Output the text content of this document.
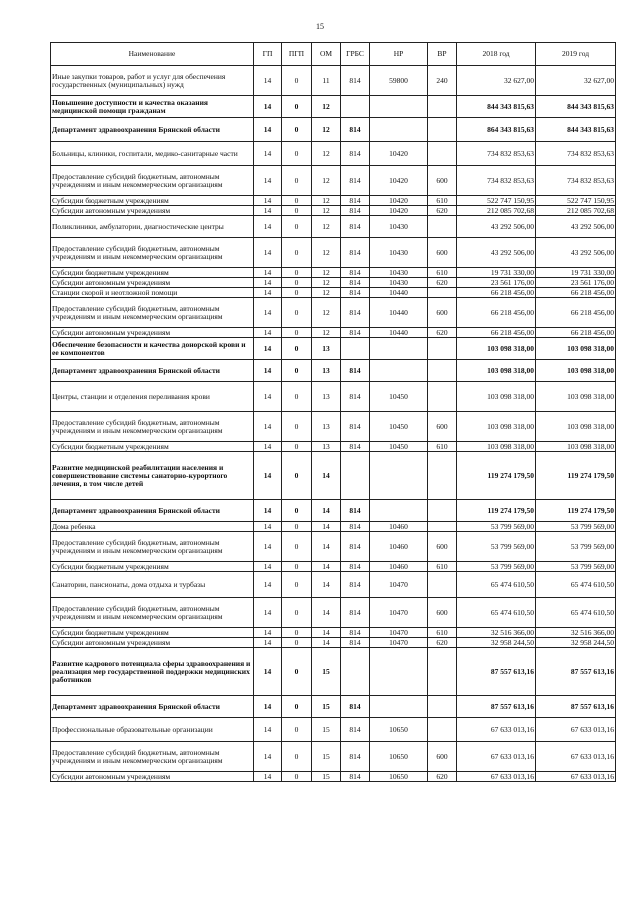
15
Наименование	ГП	ПГП	ОМ	ГРБС	НР	ВР	2018 год	2019 год
Иные закупки товаров, работ и услуг для обеспечения государственных (муниципальных) нужд	14	0	11	814	59800	240	32 627,00	32 627,00
Повышение доступности и качества оказания медицинской помощи гражданам	14	0	12				844 343 815,63	844 343 815,63
Департамент здравоохранения Брянской области	14	0	12	814			864 343 815,63	844 343 815,63
Больницы, клиники, госпитали, медико-санитарные части	14	0	12	814	10420		734 832 853,63	734 832 853,63
Предоставление субсидий бюджетным, автономным учреждениям и иным некоммерческим организациям	14	0	12	814	10420	600	734 832 853,63	734 832 853,63
Субсидии бюджетным учреждениям	14	0	12	814	10420	610	522 747 150,95	522 747 150,95
Субсидии автономным учреждениям	14	0	12	814	10420	620	212 085 702,68	212 085 702,68
Поликлиники, амбулатории, диагностические центры	14	0	12	814	10430		43 292 506,00	43 292 506,00
Предоставление субсидий бюджетным, автономным учреждениям и иным некоммерческим организациям	14	0	12	814	10430	600	43 292 506,00	43 292 506,00
Субсидии бюджетным учреждениям	14	0	12	814	10430	610	19 731 330,00	19 731 330,00
Субсидии автономным учреждениям	14	0	12	814	10430	620	23 561 176,00	23 561 176,00
Станции скорой и неотложной помощи	14	0	12	814	10440		66 218 456,00	66 218 456,00
Предоставление субсидий бюджетным, автономным учреждениям и иным некоммерческим организациям	14	0	12	814	10440	600	66 218 456,00	66 218 456,00
Субсидии автономным учреждениям	14	0	12	814	10440	620	66 218 456,00	66 218 456,00
Обеспечение безопасности и качества донорской крови и ее компонентов	14	0	13				103 098 318,00	103 098 318,00
Департамент здравоохранения Брянской области	14	0	13	814			103 098 318,00	103 098 318,00
Центры, станции и отделения переливания крови	14	0	13	814	10450		103 098 318,00	103 098 318,00
Предоставление субсидий бюджетным, автономным учреждениям и иным некоммерческим организациям	14	0	13	814	10450	600	103 098 318,00	103 098 318,00
Субсидии бюджетным учреждениям	14	0	13	814	10450	610	103 098 318,00	103 098 318,00
Развитие медицинской реабилитации населения и совершенствование системы санаторно-курортного лечения, в том числе детей	14	0	14				119 274 179,50	119 274 179,50
Департамент здравоохранения Брянской области	14	0	14	814			119 274 179,50	119 274 179,50
Дома ребенка	14	0	14	814	10460		53 799 569,00	53 799 569,00
Предоставление субсидий бюджетным, автономным учреждениям и иным некоммерческим организациям	14	0	14	814	10460	600	53 799 569,00	53 799 569,00
Субсидии бюджетным учреждениям	14	0	14	814	10460	610	53 799 569,00	53 799 569,00
Санатории, пансионаты, дома отдыха и турбазы	14	0	14	814	10470		65 474 610,50	65 474 610,50
Предоставление субсидий бюджетным, автономным учреждениям и иным некоммерческим организациям	14	0	14	814	10470	600	65 474 610,50	65 474 610,50
Субсидии бюджетным учреждениям	14	0	14	814	10470	610	32 516 366,00	32 516 366,00
Субсидии автономным учреждениям	14	0	14	814	10470	620	32 958 244,50	32 958 244,50
Развитие кадрового потенциала сферы здравоохранения и реализация мер государственной поддержки медицинских работников	14	0	15				87 557 613,16	87 557 613,16
Департамент здравоохранения Брянской области	14	0	15	814			87 557 613,16	87 557 613,16
Профессиональные образовательные организации	14	0	15	814	10650		67 633 013,16	67 633 013,16
Предоставление субсидий бюджетным, автономным учреждениям и иным некоммерческим организациям	14	0	15	814	10650	600	67 633 013,16	67 633 013,16
Субсидии автономным учреждениям	14	0	15	814	10650	620	67 633 013,16	67 633 013,16
